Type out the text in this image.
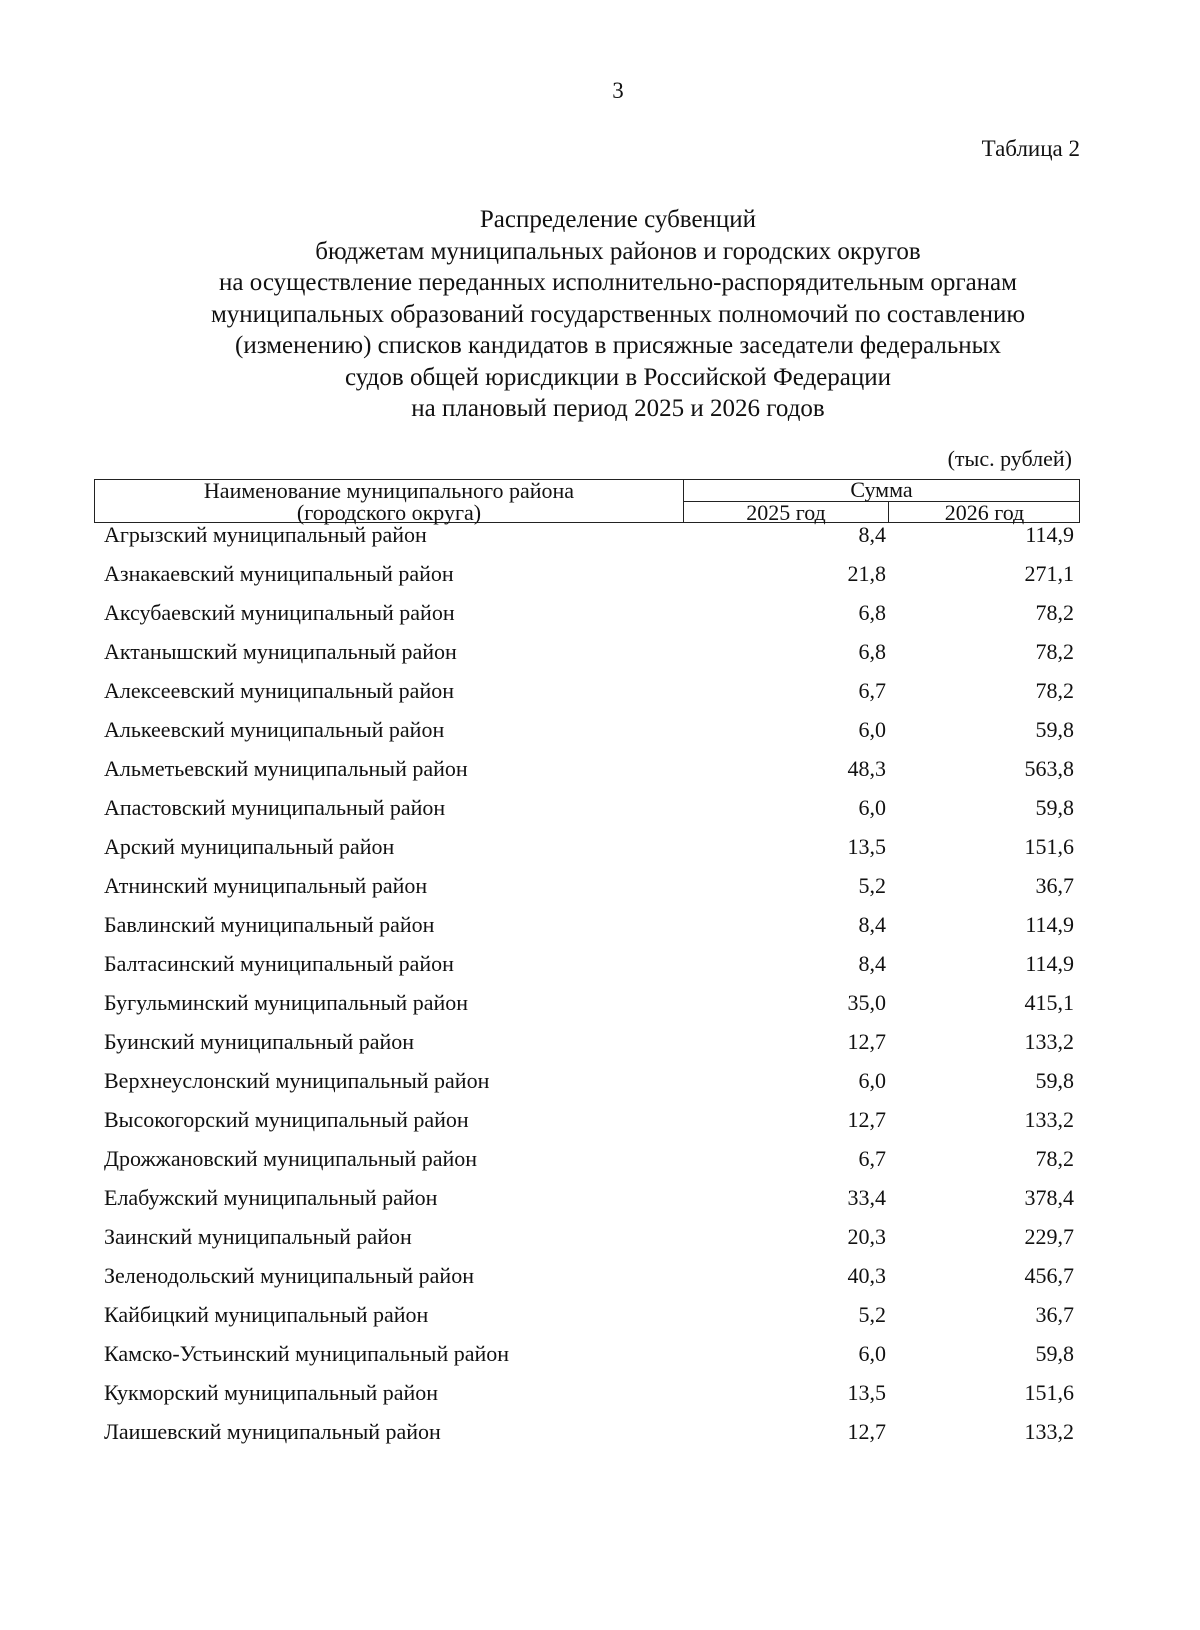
3
Таблица 2
Распределение субвенций
бюджетам муниципальных районов и городских округов
на осуществление переданных исполнительно-распорядительным органам
муниципальных образований государственных полномочий по составлению
(изменению) списков кандидатов в присяжные заседатели федеральных
судов общей юрисдикции в Российской Федерации
на плановый период 2025 и 2026 годов
(тыс. рублей)
Наименование муниципального района
(городского округа)
Сумма
2025 год	2026 год
Агрызский муниципальный район	8,4	114,9
Азнакаевский муниципальный район	21,8	271,1
Аксубаевский муниципальный район	6,8	78,2
Актанышский муниципальный район	6,8	78,2
Алексеевский муниципальный район	6,7	78,2
Алькеевский муниципальный район	6,0	59,8
Альметьевский муниципальный район	48,3	563,8
Апастовский муниципальный район	6,0	59,8
Арский муниципальный район	13,5	151,6
Атнинский муниципальный район	5,2	36,7
Бавлинский муниципальный район	8,4	114,9
Балтасинский муниципальный район	8,4	114,9
Бугульминский муниципальный район	35,0	415,1
Буинский муниципальный район	12,7	133,2
Верхнеуслонский муниципальный район	6,0	59,8
Высокогорский муниципальный район	12,7	133,2
Дрожжановский муниципальный район	6,7	78,2
Елабужский муниципальный район	33,4	378,4
Заинский муниципальный район	20,3	229,7
Зеленодольский муниципальный район	40,3	456,7
Кайбицкий муниципальный район	5,2	36,7
Камско-Устьинский муниципальный район	6,0	59,8
Кукморский муниципальный район	13,5	151,6
Лаишевский муниципальный район	12,7	133,2
